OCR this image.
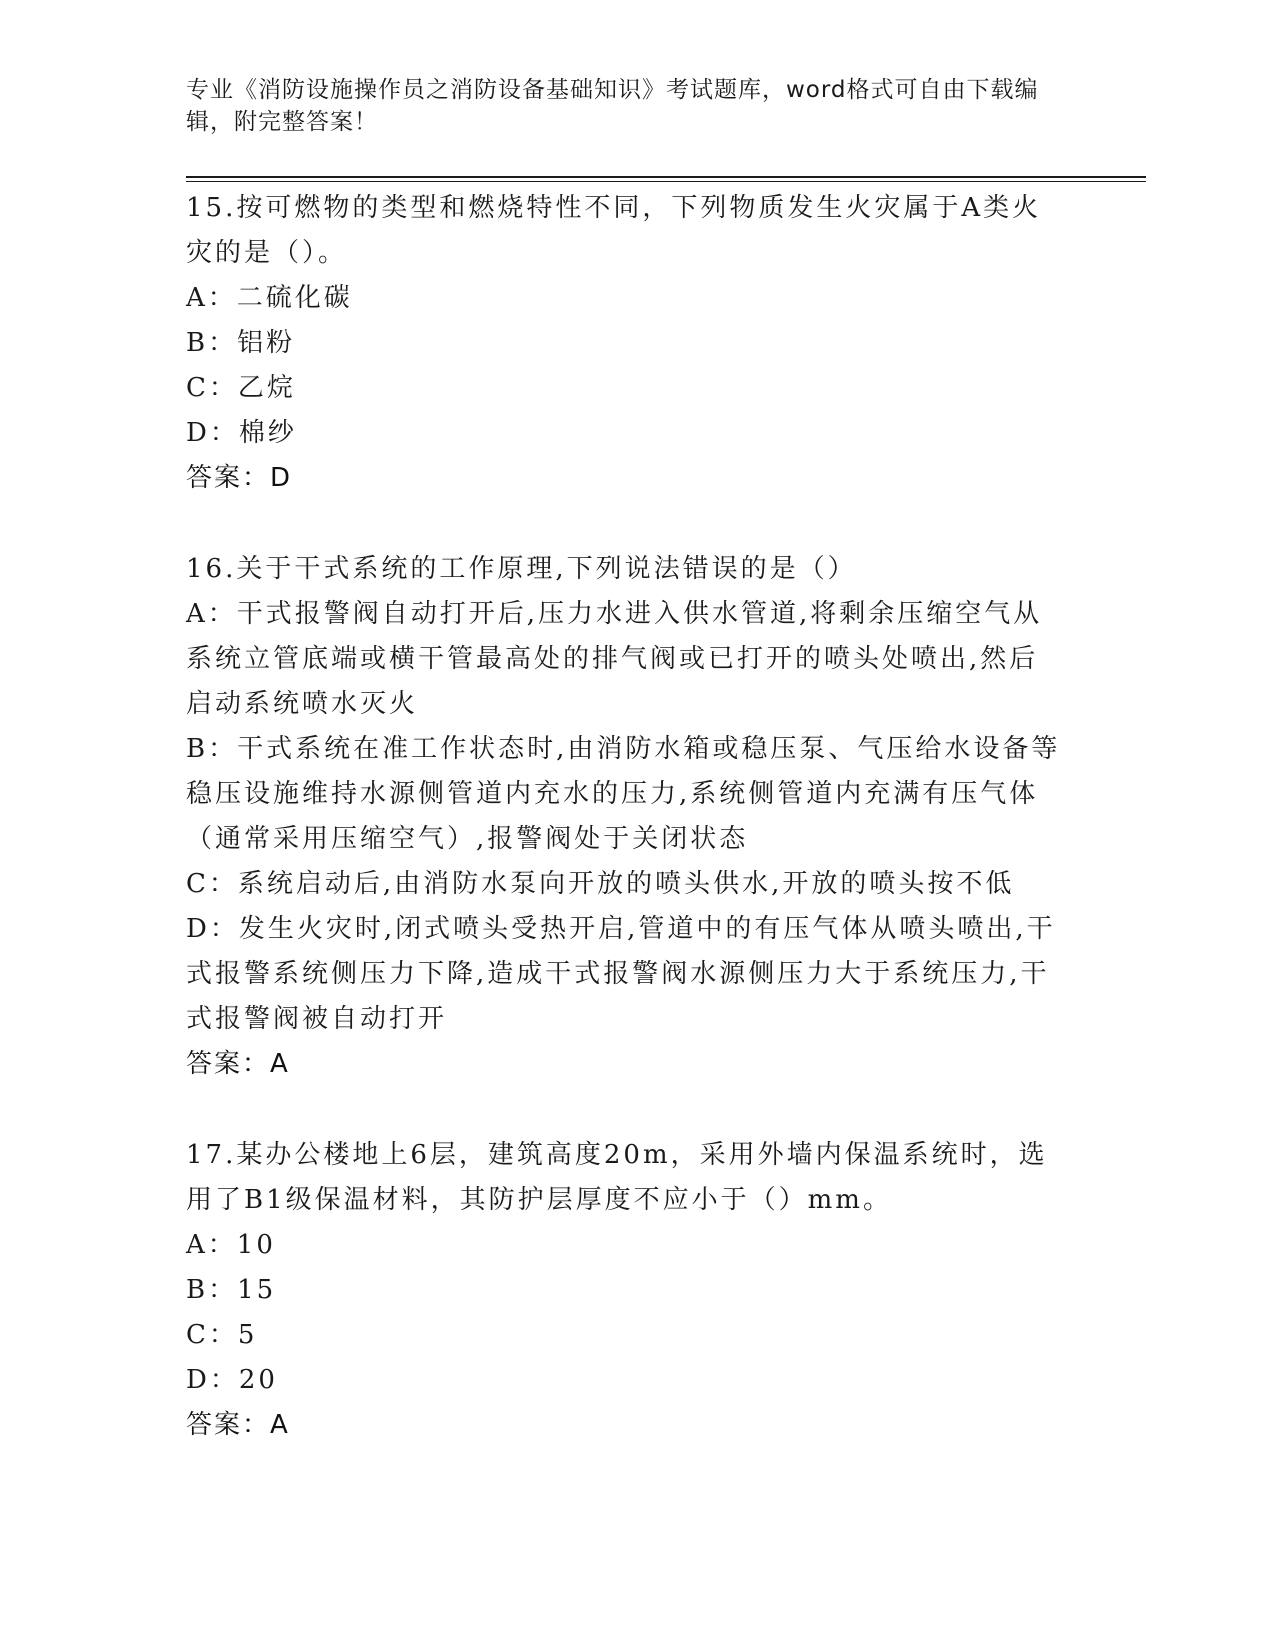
专业《消防设施操作员之消防设备基础知识》考试题库，word格式可自由下载编辑，附完整答案！

15.按可燃物的类型和燃烧特性不同，下列物质发生火灾属于A类火灾的是（）。

A：二硫化碳

B：铝粉

C：乙烷

D：棉纱

答案：D

16.关于干式系统的工作原理,下列说法错误的是（）

A：干式报警阀自动打开后,压力水进入供水管道,将剩余压缩空气从系统立管底端或横干管最高处的排气阀或已打开的喷头处喷出,然后启动系统喷水灭火

B：干式系统在准工作状态时,由消防水箱或稳压泵、气压给水设备等稳压设施维持水源侧管道内充水的压力,系统侧管道内充满有压气体（通常采用压缩空气）,报警阀处于关闭状态

C：系统启动后,由消防水泵向开放的喷头供水,开放的喷头按不低

D：发生火灾时,闭式喷头受热开启,管道中的有压气体从喷头喷出,干式报警系统侧压力下降,造成干式报警阀水源侧压力大于系统压力,干式报警阀被自动打开

答案：A

17.某办公楼地上6层，建筑高度20m，采用外墙内保温系统时，选用了B1级保温材料，其防护层厚度不应小于（）mm。

A：10

B：15

C：5

D：20

答案：A
